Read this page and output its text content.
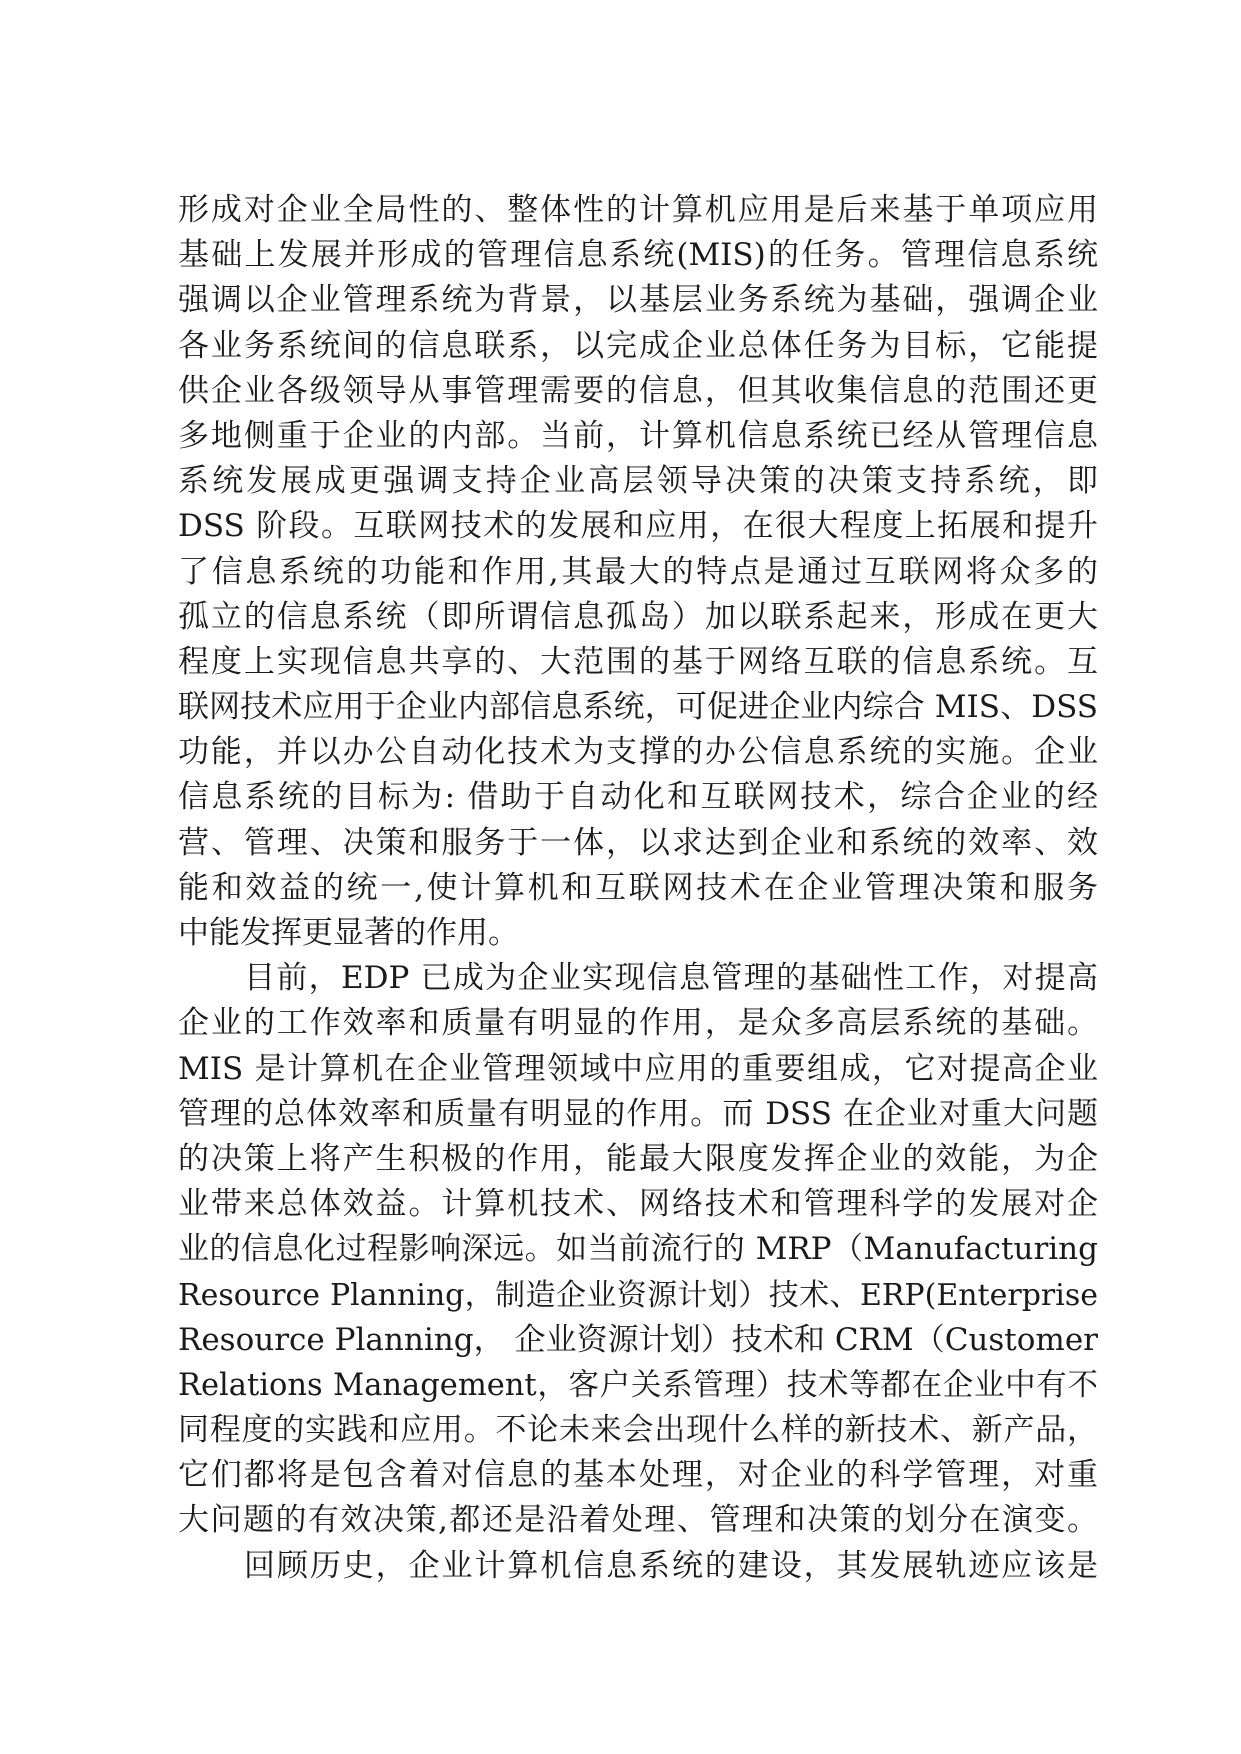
形成对企业全局性的、整体性的计算机应用是后来基于单项应用
基础上发展并形成的管理信息系统(MIS)的任务。管理信息系统
强调以企业管理系统为背景，以基层业务系统为基础，强调企业
各业务系统间的信息联系，以完成企业总体任务为目标，它能提
供企业各级领导从事管理需要的信息，但其收集信息的范围还更
多地侧重于企业的内部。当前，计算机信息系统已经从管理信息
系统发展成更强调支持企业高层领导决策的决策支持系统，即
DSS 阶段。互联网技术的发展和应用，在很大程度上拓展和提升
了信息系统的功能和作用,其最大的特点是通过互联网将众多的
孤立的信息系统（即所谓信息孤岛）加以联系起来，形成在更大
程度上实现信息共享的、大范围的基于网络互联的信息系统。互
联网技术应用于企业内部信息系统，可促进企业内综合 MIS、DSS
功能，并以办公自动化技术为支撑的办公信息系统的实施。企业
信息系统的目标为: 借助于自动化和互联网技术，综合企业的经
营、管理、决策和服务于一体，以求达到企业和系统的效率、效
能和效益的统一,使计算机和互联网技术在企业管理决策和服务
中能发挥更显著的作用。
目前，EDP 已成为企业实现信息管理的基础性工作，对提高
企业的工作效率和质量有明显的作用，是众多高层系统的基础。
MIS 是计算机在企业管理领域中应用的重要组成，它对提高企业
管理的总体效率和质量有明显的作用。而 DSS 在企业对重大问题
的决策上将产生积极的作用，能最大限度发挥企业的效能，为企
业带来总体效益。计算机技术、网络技术和管理科学的发展对企
业的信息化过程影响深远。如当前流行的 MRP（Manufacturing
Resource Planning，制造企业资源计划）技术、ERP(Enterprise
Resource Planning， 企业资源计划）技术和 CRM（Customer
Relations Management，客户关系管理）技术等都在企业中有不
同程度的实践和应用。不论未来会出现什么样的新技术、新产品，
它们都将是包含着对信息的基本处理，对企业的科学管理，对重
大问题的有效决策,都还是沿着处理、管理和决策的划分在演变。
回顾历史，企业计算机信息系统的建设，其发展轨迹应该是
